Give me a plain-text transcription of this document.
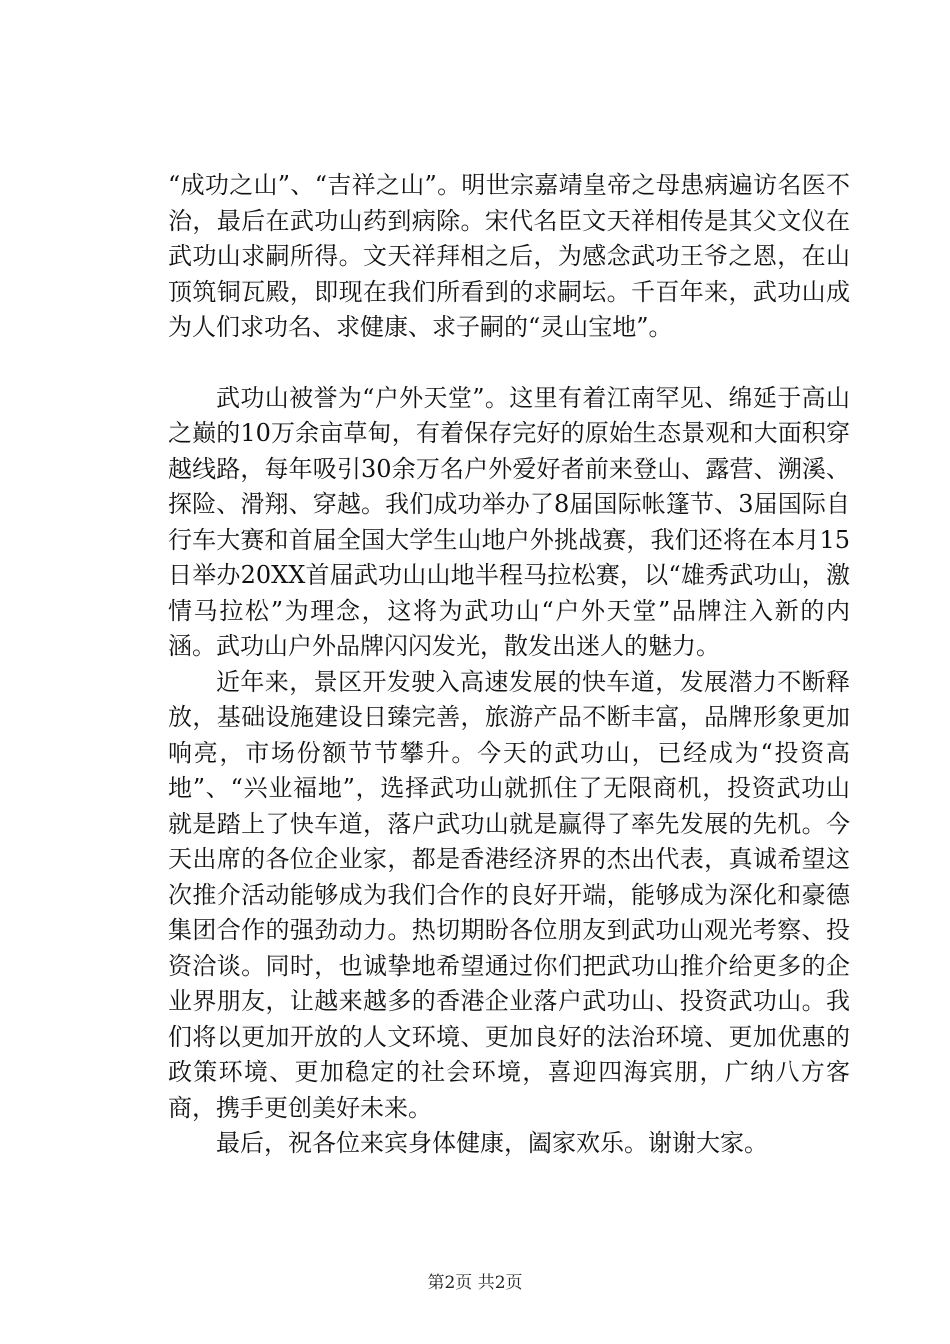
“成功之山”、“吉祥之山”。明世宗嘉靖皇帝之母患病遍访名医不治，最后在武功山药到病除。宋代名臣文天祥相传是其父文仪在武功山求嗣所得。文天祥拜相之后，为感念武功王爷之恩，在山顶筑铜瓦殿，即现在我们所看到的求嗣坛。千百年来，武功山成为人们求功名、求健康、求子嗣的“灵山宝地”。

武功山被誉为“户外天堂”。这里有着江南罕见、绵延于高山之巅的10万余亩草甸，有着保存完好的原始生态景观和大面积穿越线路，每年吸引30余万名户外爱好者前来登山、露营、溯溪、探险、滑翔、穿越。我们成功举办了8届国际帐篷节、3届国际自行车大赛和首届全国大学生山地户外挑战赛，我们还将在本月15日举办20XX首届武功山山地半程马拉松赛，以“雄秀武功山，激情马拉松”为理念，这将为武功山“户外天堂”品牌注入新的内涵。武功山户外品牌闪闪发光，散发出迷人的魅力。

近年来，景区开发驶入高速发展的快车道，发展潜力不断释放，基础设施建设日臻完善，旅游产品不断丰富，品牌形象更加响亮，市场份额节节攀升。今天的武功山，已经成为“投资高地”、“兴业福地”，选择武功山就抓住了无限商机，投资武功山就是踏上了快车道，落户武功山就是赢得了率先发展的先机。今天出席的各位企业家，都是香港经济界的杰出代表，真诚希望这次推介活动能够成为我们合作的良好开端，能够成为深化和豪德集团合作的强劲动力。热切期盼各位朋友到武功山观光考察、投资洽谈。同时，也诚挚地希望通过你们把武功山推介给更多的企业界朋友，让越来越多的香港企业落户武功山、投资武功山。我们将以更加开放的人文环境、更加良好的法治环境、更加优惠的政策环境、更加稳定的社会环境，喜迎四海宾朋，广纳八方客商，携手更创美好未来。

最后，祝各位来宾身体健康，阖家欢乐。谢谢大家。

第2页 共2页
